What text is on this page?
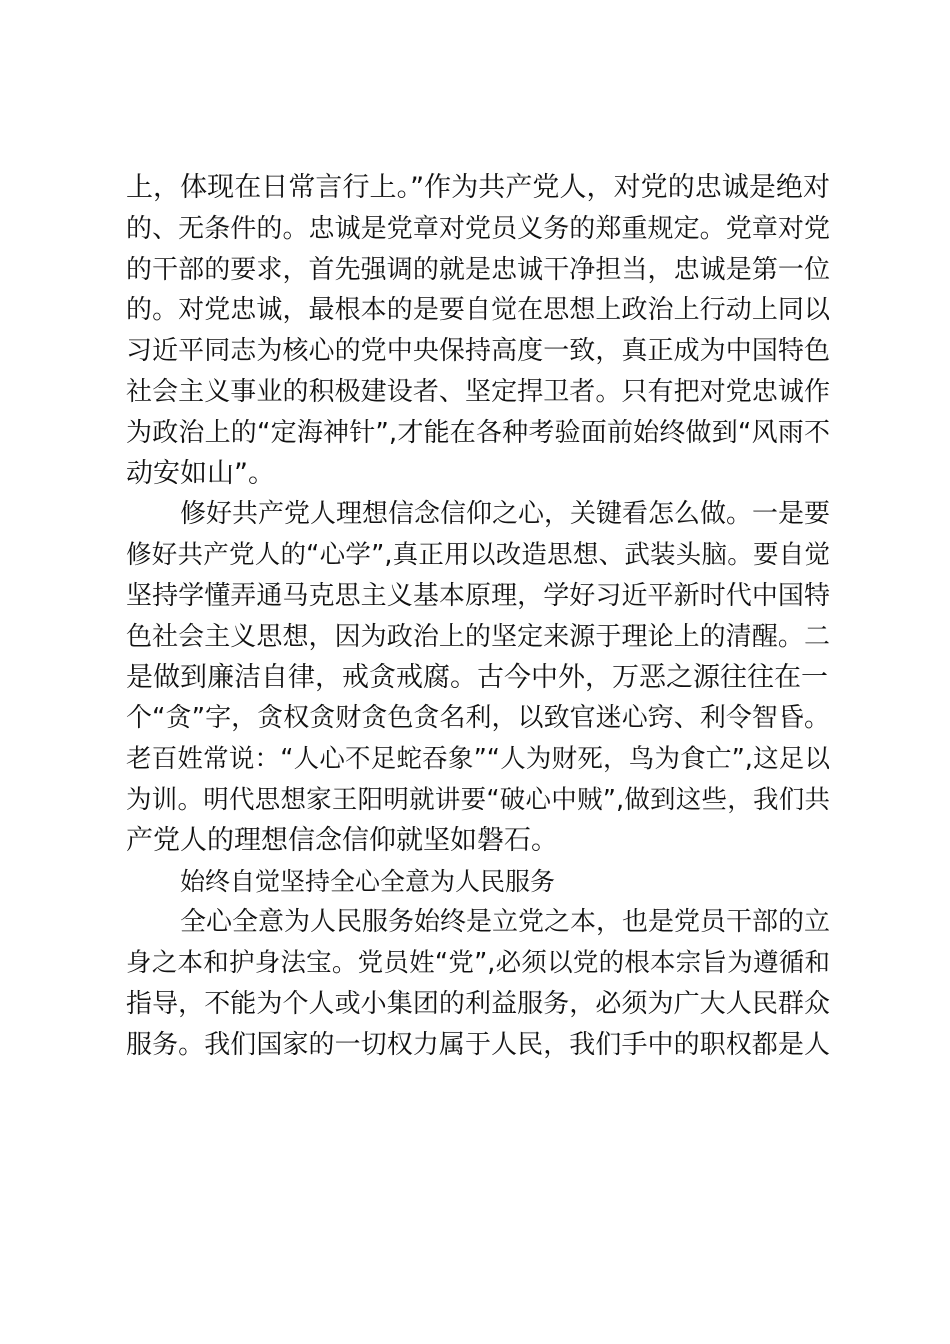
上，体现在日常言行上。”作为共产党人，对党的忠诚是绝对
的、无条件的。忠诚是党章对党员义务的郑重规定。党章对党
的干部的要求，首先强调的就是忠诚干净担当，忠诚是第一位
的。对党忠诚，最根本的是要自觉在思想上政治上行动上同以
习近平同志为核心的党中央保持高度一致，真正成为中国特色
社会主义事业的积极建设者、坚定捍卫者。只有把对党忠诚作
为政治上的“定海神针”,才能在各种考验面前始终做到“风雨不
动安如山”。
修好共产党人理想信念信仰之心，关键看怎么做。一是要
修好共产党人的“心学”,真正用以改造思想、武装头脑。要自觉
坚持学懂弄通马克思主义基本原理，学好习近平新时代中国特
色社会主义思想，因为政治上的坚定来源于理论上的清醒。二
是做到廉洁自律，戒贪戒腐。古今中外，万恶之源往往在一
个“贪”字，贪权贪财贪色贪名利，以致官迷心窍、利令智昏。
老百姓常说：“人心不足蛇吞象”“人为财死，鸟为食亡”,这足以
为训。明代思想家王阳明就讲要“破心中贼”,做到这些，我们共
产党人的理想信念信仰就坚如磐石。
始终自觉坚持全心全意为人民服务
全心全意为人民服务始终是立党之本，也是党员干部的立
身之本和护身法宝。党员姓“党”,必须以党的根本宗旨为遵循和
指导，不能为个人或小集团的利益服务，必须为广大人民群众
服务。我们国家的一切权力属于人民，我们手中的职权都是人
